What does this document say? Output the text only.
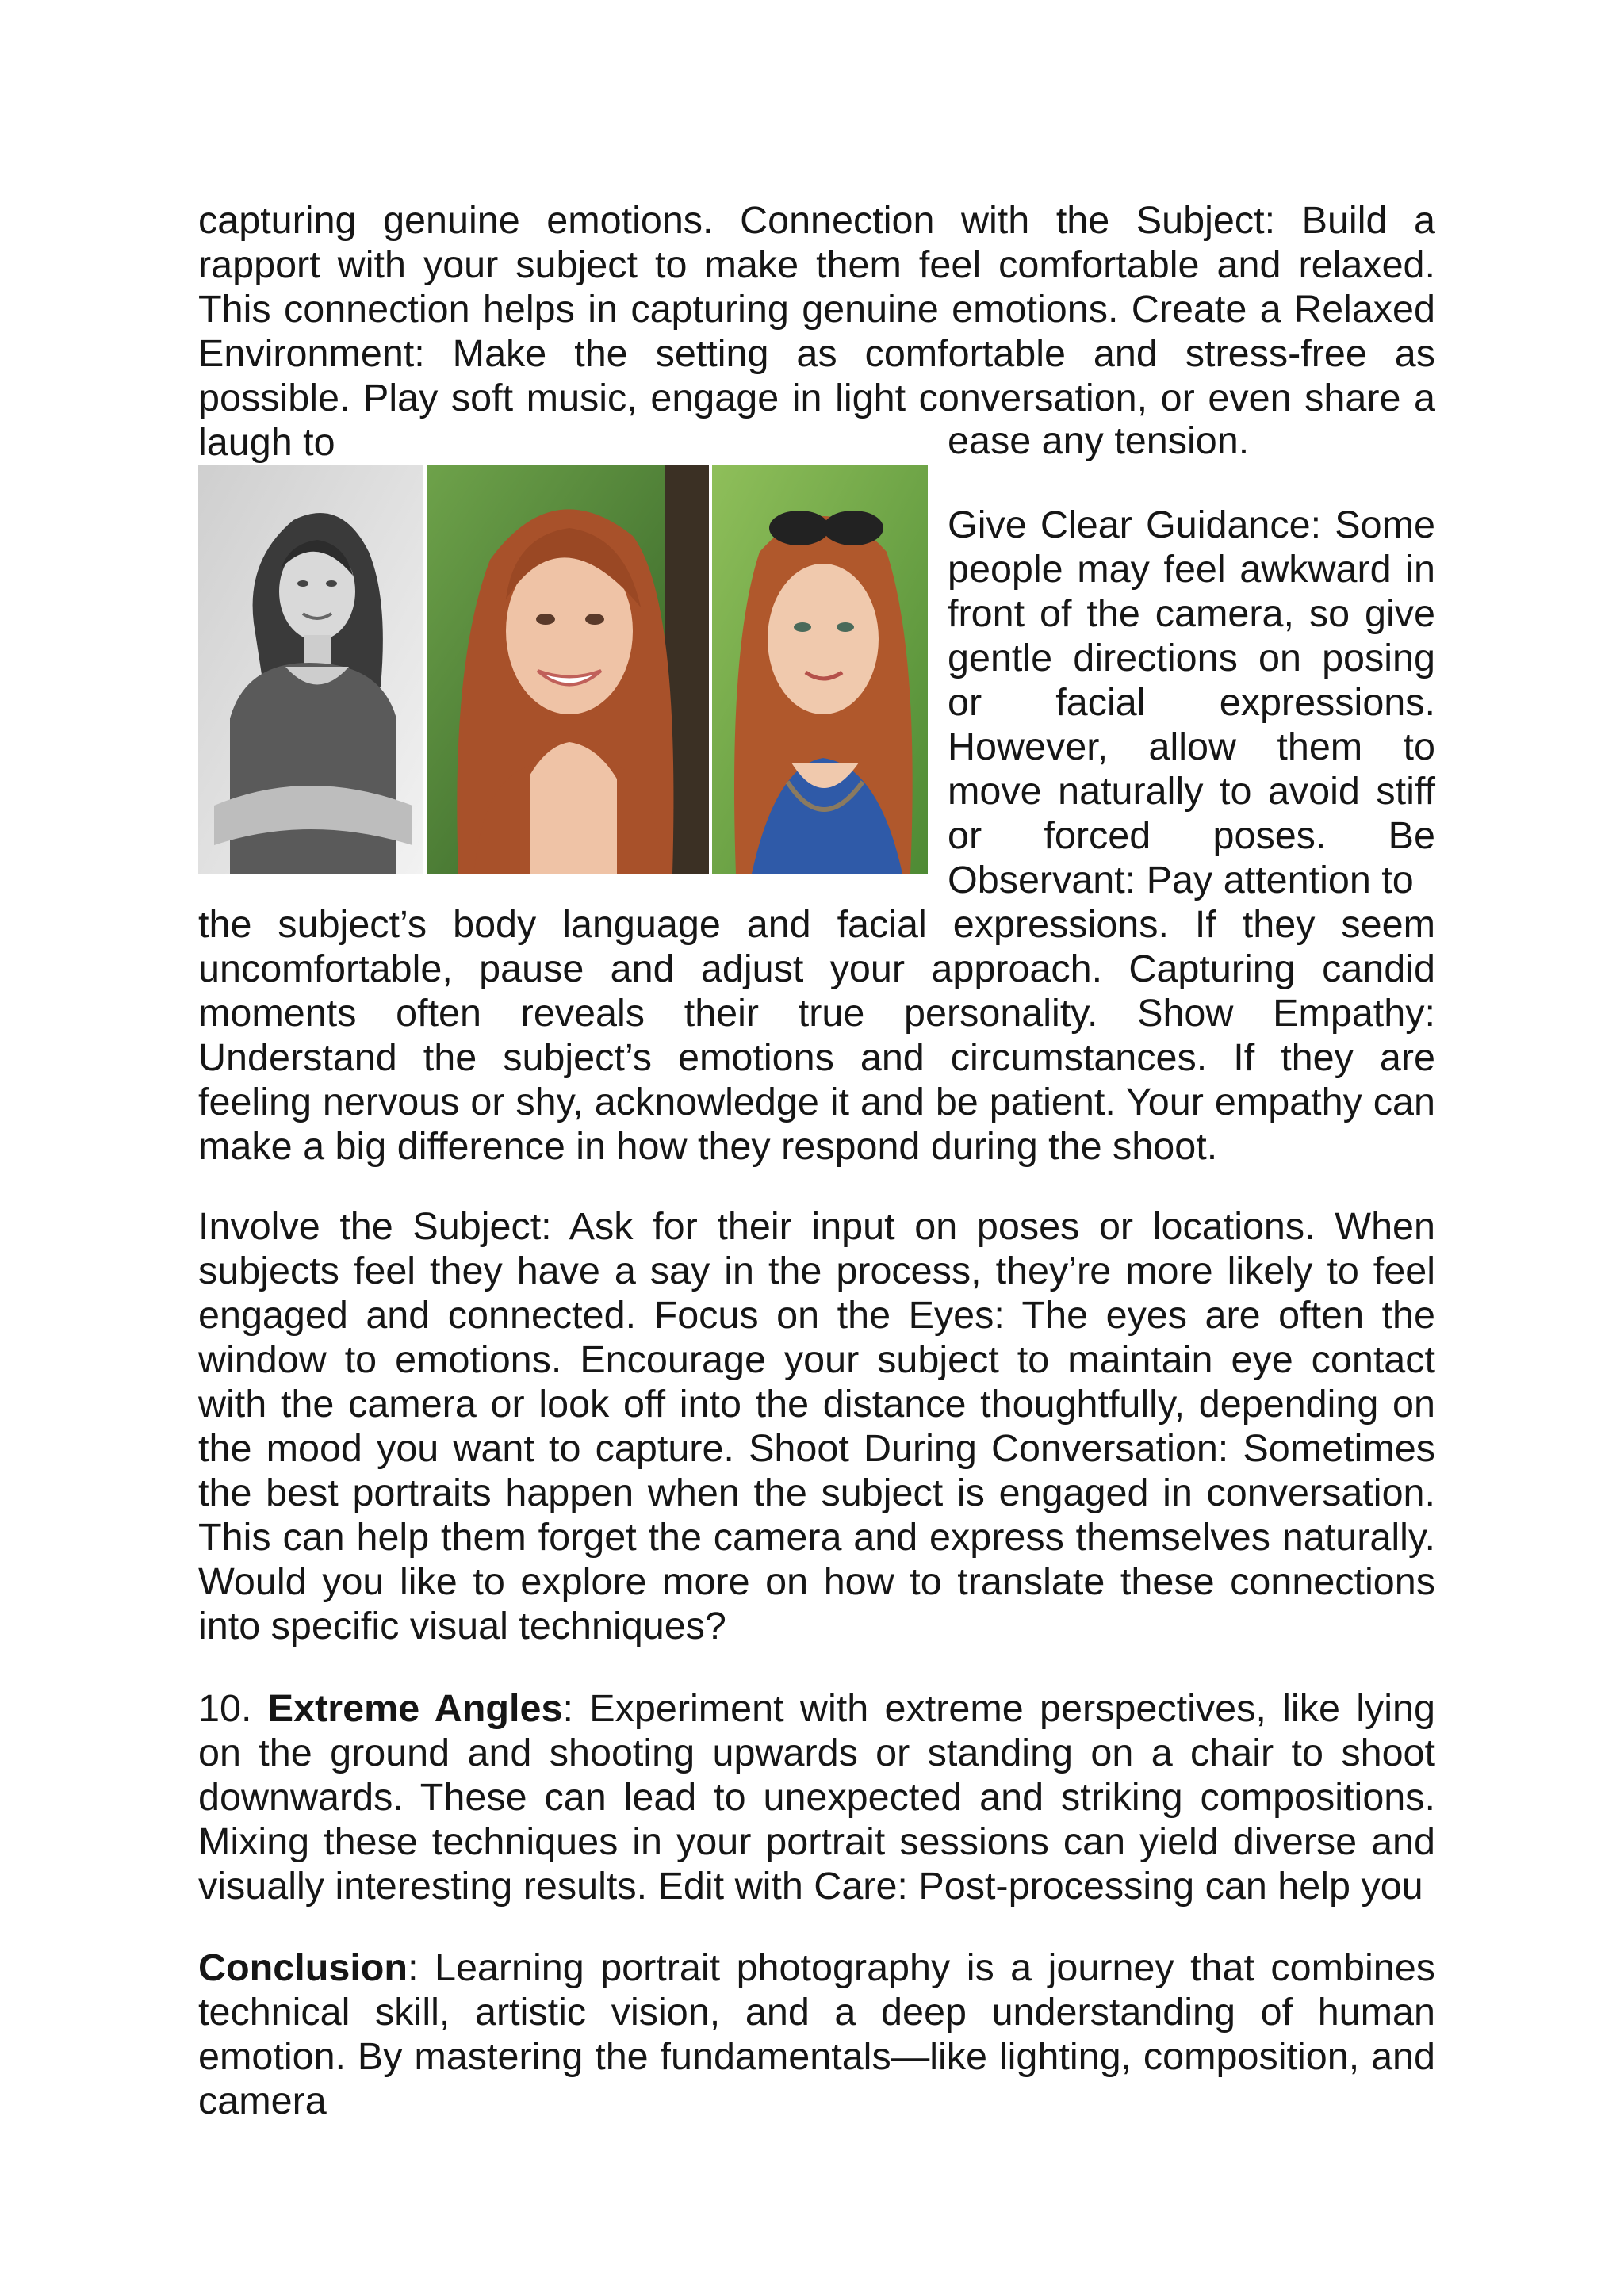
capturing genuine emotions. Connection with the Subject: Build a rapport with your subject to make them feel comfortable and relaxed. This connection helps in capturing genuine emotions. Create a Relaxed Environment: Make the setting as comfortable and stress-free as possible. Play soft music, engage in light conversation, or even share a laugh to	ease any tension.

Give Clear Guidance: Some people may feel awkward in front of the camera, so give gentle directions on posing or facial expressions. However, allow them to move naturally to avoid stiff or forced poses. Be Observant: Pay attention to

the subject’s body language and facial expressions. If they seem uncomfortable, pause and adjust your approach. Capturing candid moments often reveals their true personality. Show Empathy: Understand the subject’s emotions and circumstances. If they are feeling nervous or shy, acknowledge it and be patient. Your empathy can make a big difference in how they respond during the shoot.

Involve the Subject: Ask for their input on poses or locations. When subjects feel they have a say in the process, they’re more likely to feel engaged and connected. Focus on the Eyes: The eyes are often the window to emotions. Encourage your subject to maintain eye contact with the camera or look off into the distance thoughtfully, depending on the mood you want to capture. Shoot During Conversation: Sometimes the best portraits happen when the subject is engaged in conversation. This can help them forget the camera and express themselves naturally. Would you like to explore more on how to translate these connections into specific visual techniques?

10. Extreme Angles: Experiment with extreme perspectives, like lying on the ground and shooting upwards or standing on a chair to shoot downwards. These can lead to unexpected and striking compositions. Mixing these techniques in your portrait sessions can yield diverse and visually interesting results. Edit with Care: Post-processing can help you

Conclusion: Learning portrait photography is a journey that combines technical skill, artistic vision, and a deep understanding of human emotion. By mastering the fundamentals—like lighting, composition, and camera
